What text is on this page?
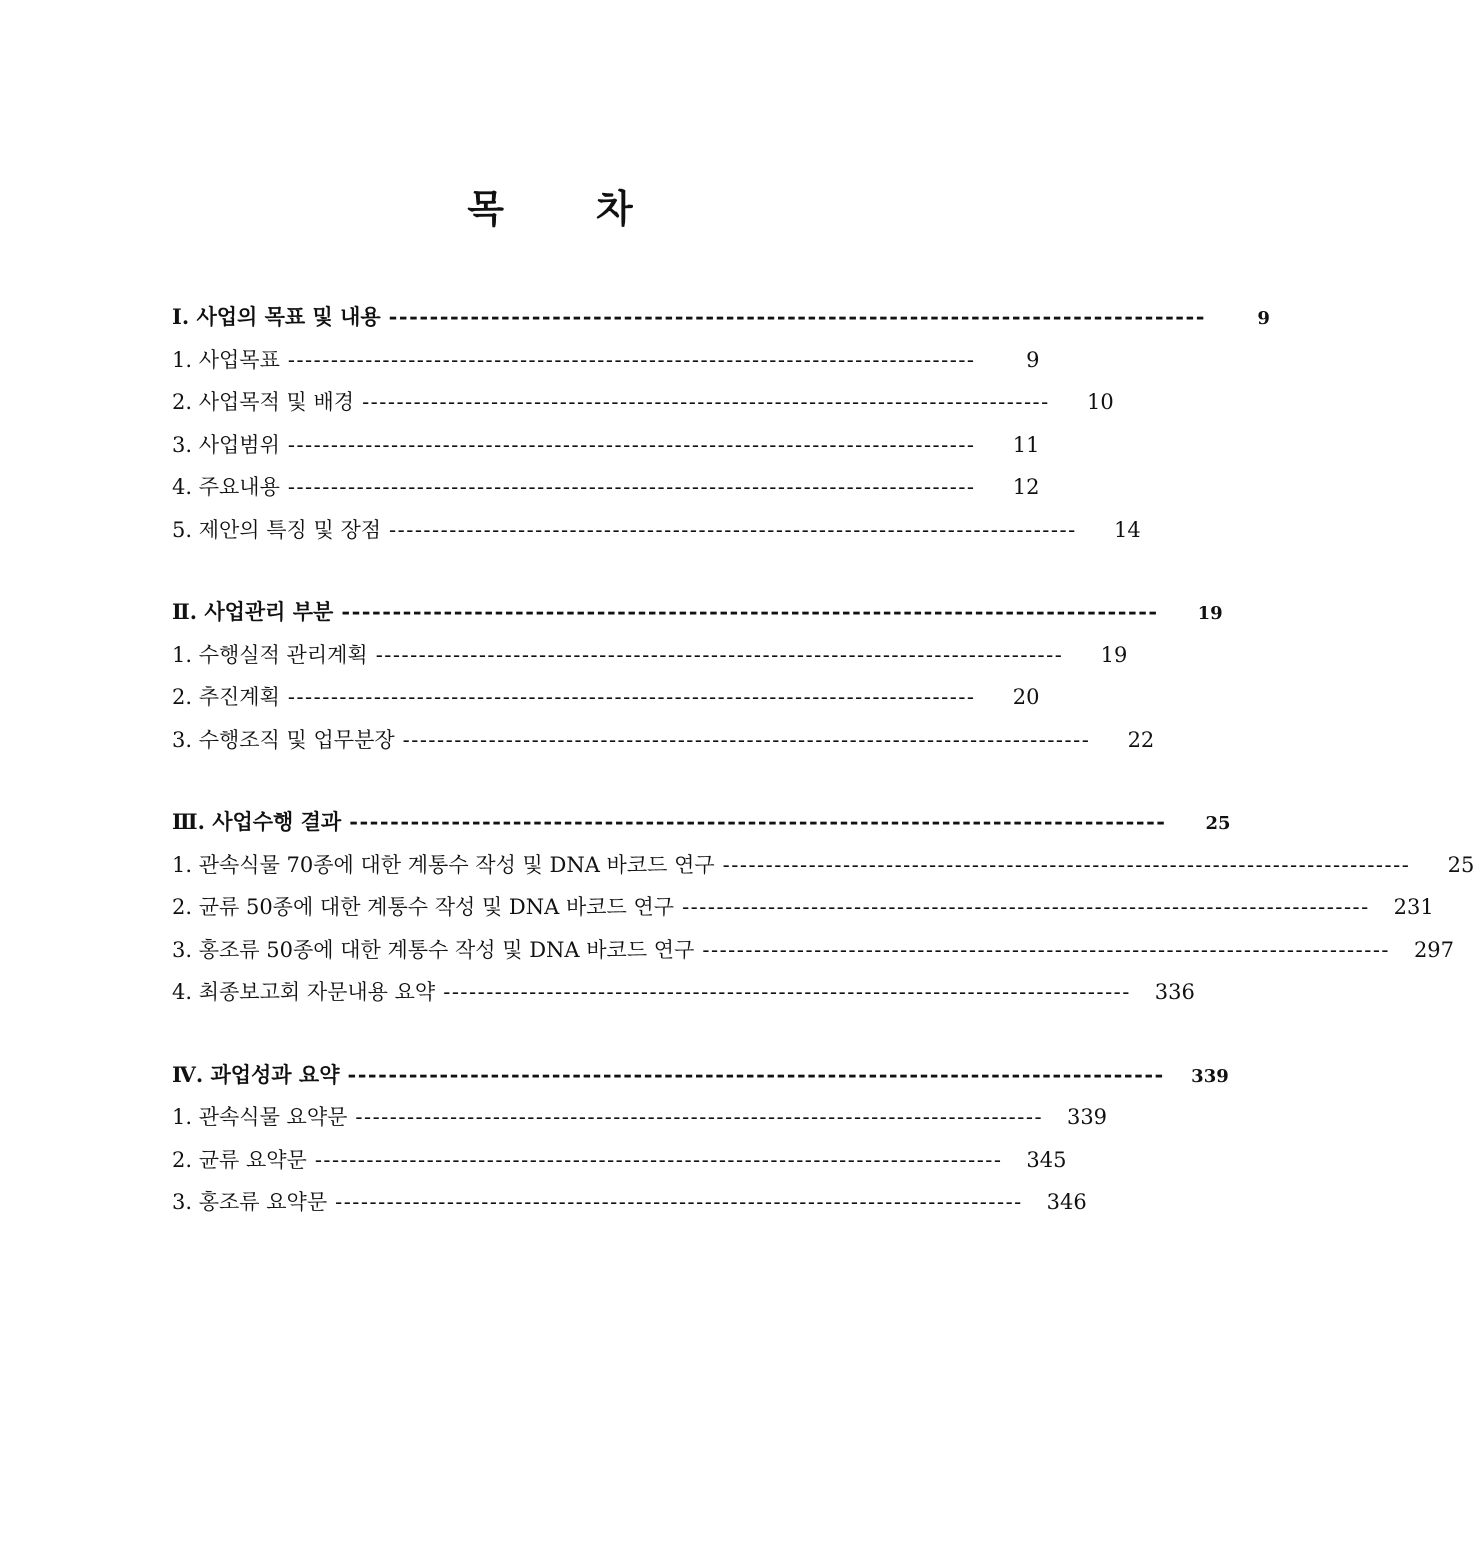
목 차
I. 사업의 목표 및 내용 --------------------------------------------------------------------------------	9
1. 사업목표 --------------------------------------------------------------------------------	9
2. 사업목적 및 배경 --------------------------------------------------------------------------------	10
3. 사업범위 --------------------------------------------------------------------------------	11
4. 주요내용 --------------------------------------------------------------------------------	12
5. 제안의 특징 및 장점 --------------------------------------------------------------------------------	14
Ⅱ. 사업관리 부분 --------------------------------------------------------------------------------	19
1. 수행실적 관리계획 --------------------------------------------------------------------------------	19
2. 추진계획 --------------------------------------------------------------------------------	20
3. 수행조직 및 업무분장 --------------------------------------------------------------------------------	22
Ⅲ. 사업수행 결과 --------------------------------------------------------------------------------	25
1. 관속식물 70종에 대한 계통수 작성 및 DNA 바코드 연구 --------------------------------------------------------------------------------	25
2. 균류 50종에 대한 계통수 작성 및 DNA 바코드 연구 --------------------------------------------------------------------------------	231
3. 홍조류 50종에 대한 계통수 작성 및 DNA 바코드 연구 --------------------------------------------------------------------------------	297
4. 최종보고회 자문내용 요약 --------------------------------------------------------------------------------	336
Ⅳ. 과업성과 요약 --------------------------------------------------------------------------------	339
1. 관속식물 요약문 --------------------------------------------------------------------------------	339
2. 균류 요약문 --------------------------------------------------------------------------------	345
3. 홍조류 요약문 --------------------------------------------------------------------------------	346
